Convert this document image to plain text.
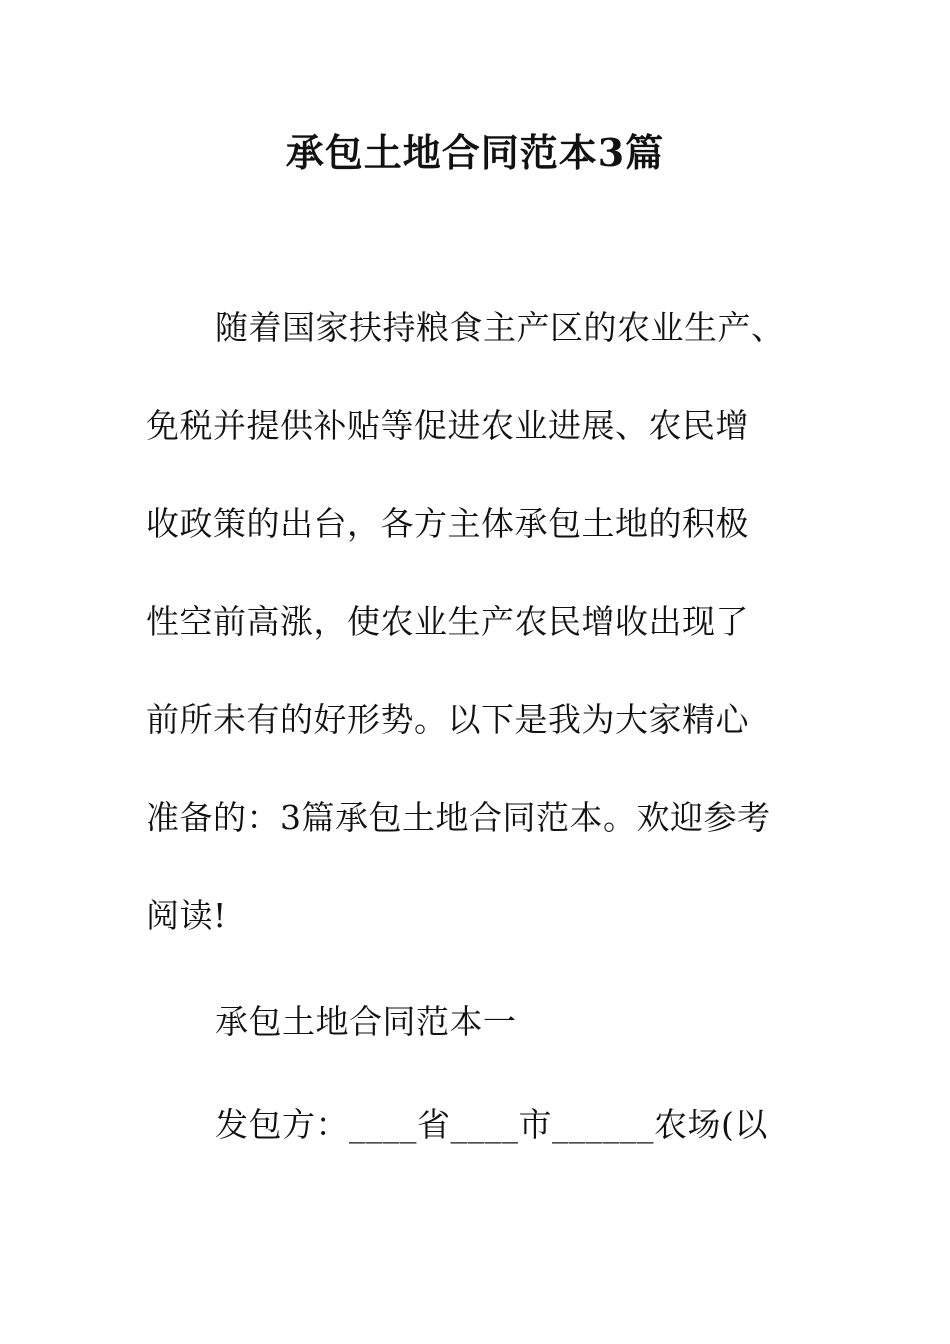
承包土地合同范本3篇
随着国家扶持粮食主产区的农业生产、
免税并提供补贴等促进农业进展、农民增
收政策的出台，各方主体承包土地的积极
性空前高涨，使农业生产农民增收出现了
前所未有的好形势。以下是我为大家精心
准备的：3篇承包土地合同范本。欢迎参考
阅读!
承包土地合同范本一
发包方：____省____市______农场(以
